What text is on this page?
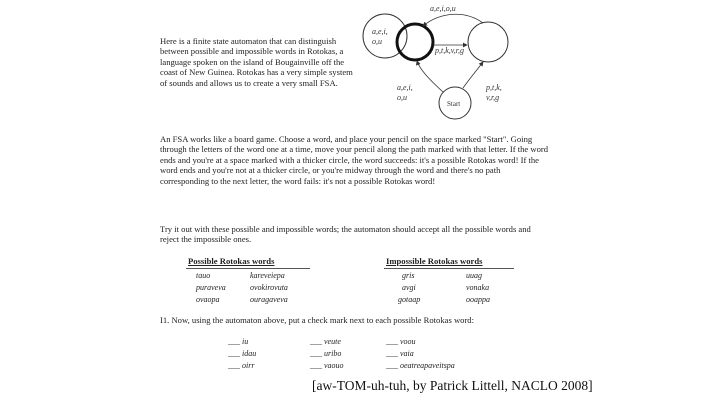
Here is a finite state automaton that can distinguish between possible and impossible words in Rotokas, a language spoken on the island of Bougainville off the coast of New Guinea. Rotokas has a very simple system of sounds and allows us to create a very small FSA.
a,e,i,o,u
a,e,i,
o,u
p,t,k,v,r,g
a,e,i,
o,u
p,t,k,
v,r,g
Start
An FSA works like a board game. Choose a word, and place your pencil on the space marked "Start". Going through the letters of the word one at a time, move your pencil along the path marked with that letter. If the word ends and you're at a space marked with a thicker circle, the word succeeds: it's a possible Rotokas word! If the word ends and you're not at a thicker circle, or you're midway through the word and there's no path corresponding to the next letter, the word fails: it's not a possible Rotokas word!
Try it out with these possible and impossible words; the automaton should accept all the possible words and reject the impossible ones.
Possible Rotokas words
tauo
puraveva
ovaopa
kareveiepa
ovokirovuta
ouragaveva
Impossible Rotokas words
gris
avgi
gotaap
uuag
vonaka
ooappa
I1. Now, using the automaton above, put a check mark next to each possible Rotokas word:
___ iu
___ idau
___ oirr
___ veute
___ uribo
___ vaouo
___ voou
___ vaia
___ oeatreapaveitspa
[aw-TOM-uh-tuh, by Patrick Littell, NACLO 2008]
